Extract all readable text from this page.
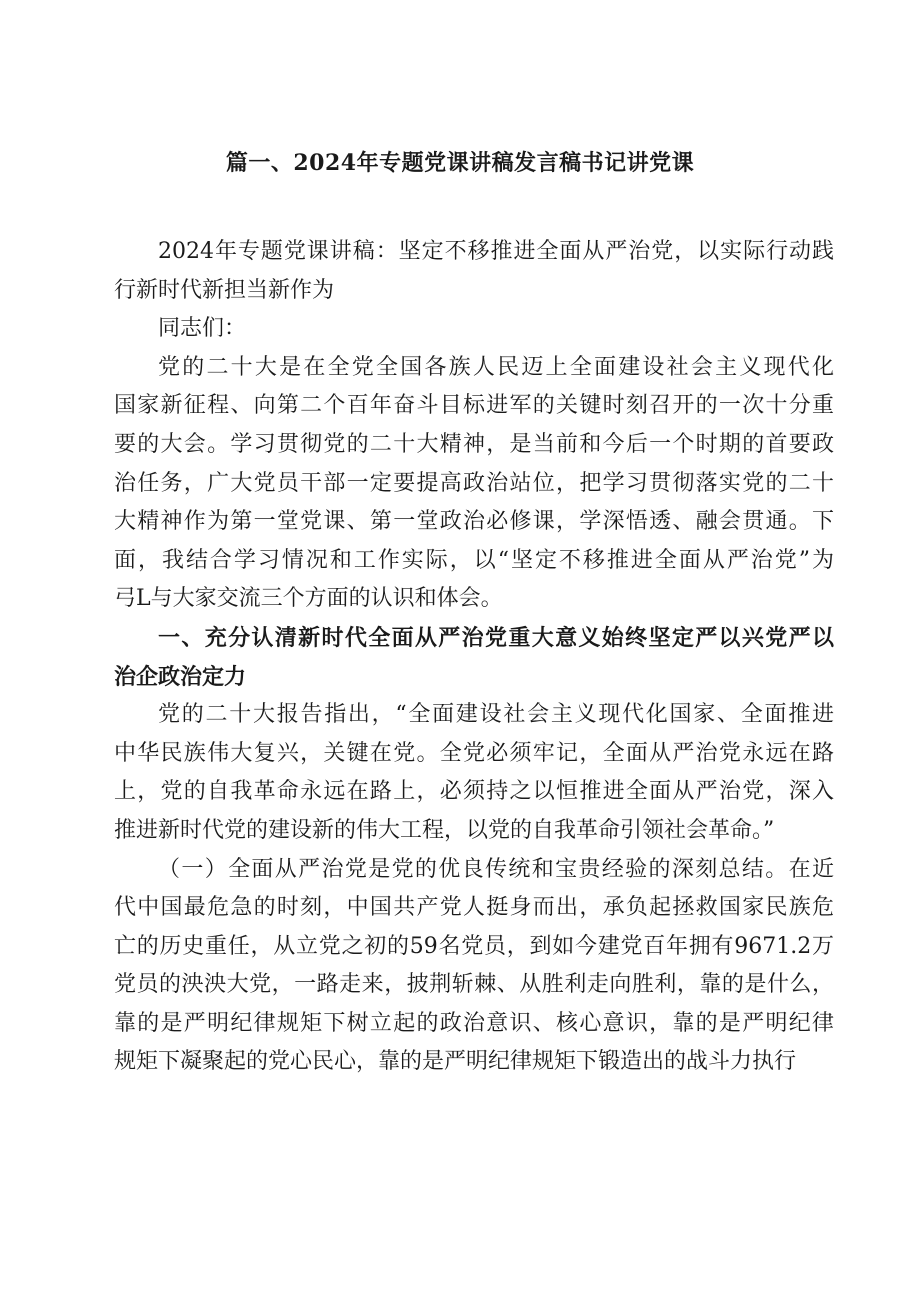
篇一、2024年专题党课讲稿发言稿书记讲党课
2024年专题党课讲稿：坚定不移推进全面从严治党，以实际行动践
行新时代新担当新作为
同志们：
党的二十大是在全党全国各族人民迈上全面建设社会主义现代化
国家新征程、向第二个百年奋斗目标进军的关键时刻召开的一次十分重
要的大会。学习贯彻党的二十大精神，是当前和今后一个时期的首要政
治任务，广大党员干部一定要提高政治站位，把学习贯彻落实党的二十
大精神作为第一堂党课、第一堂政治必修课，学深悟透、融会贯通。下
面，我结合学习情况和工作实际，以“坚定不移推进全面从严治党”为
弓L与大家交流三个方面的认识和体会。
一、充分认清新时代全面从严治党重大意义始终坚定严以兴党严以
治企政治定力
党的二十大报告指出，“全面建设社会主义现代化国家、全面推进
中华民族伟大复兴，关键在党。全党必须牢记，全面从严治党永远在路
上，党的自我革命永远在路上，必须持之以恒推进全面从严治党，深入
推进新时代党的建设新的伟大工程，以党的自我革命引领社会革命。”
（一）全面从严治党是党的优良传统和宝贵经验的深刻总结。在近
代中国最危急的时刻，中国共产党人挺身而出，承负起拯救国家民族危
亡的历史重任，从立党之初的59名党员，到如今建党百年拥有9671.2万
党员的泱泱大党，一路走来，披荆斩棘、从胜利走向胜利，靠的是什么，
靠的是严明纪律规矩下树立起的政治意识、核心意识，靠的是严明纪律
规矩下凝聚起的党心民心，靠的是严明纪律规矩下锻造出的战斗力执行
